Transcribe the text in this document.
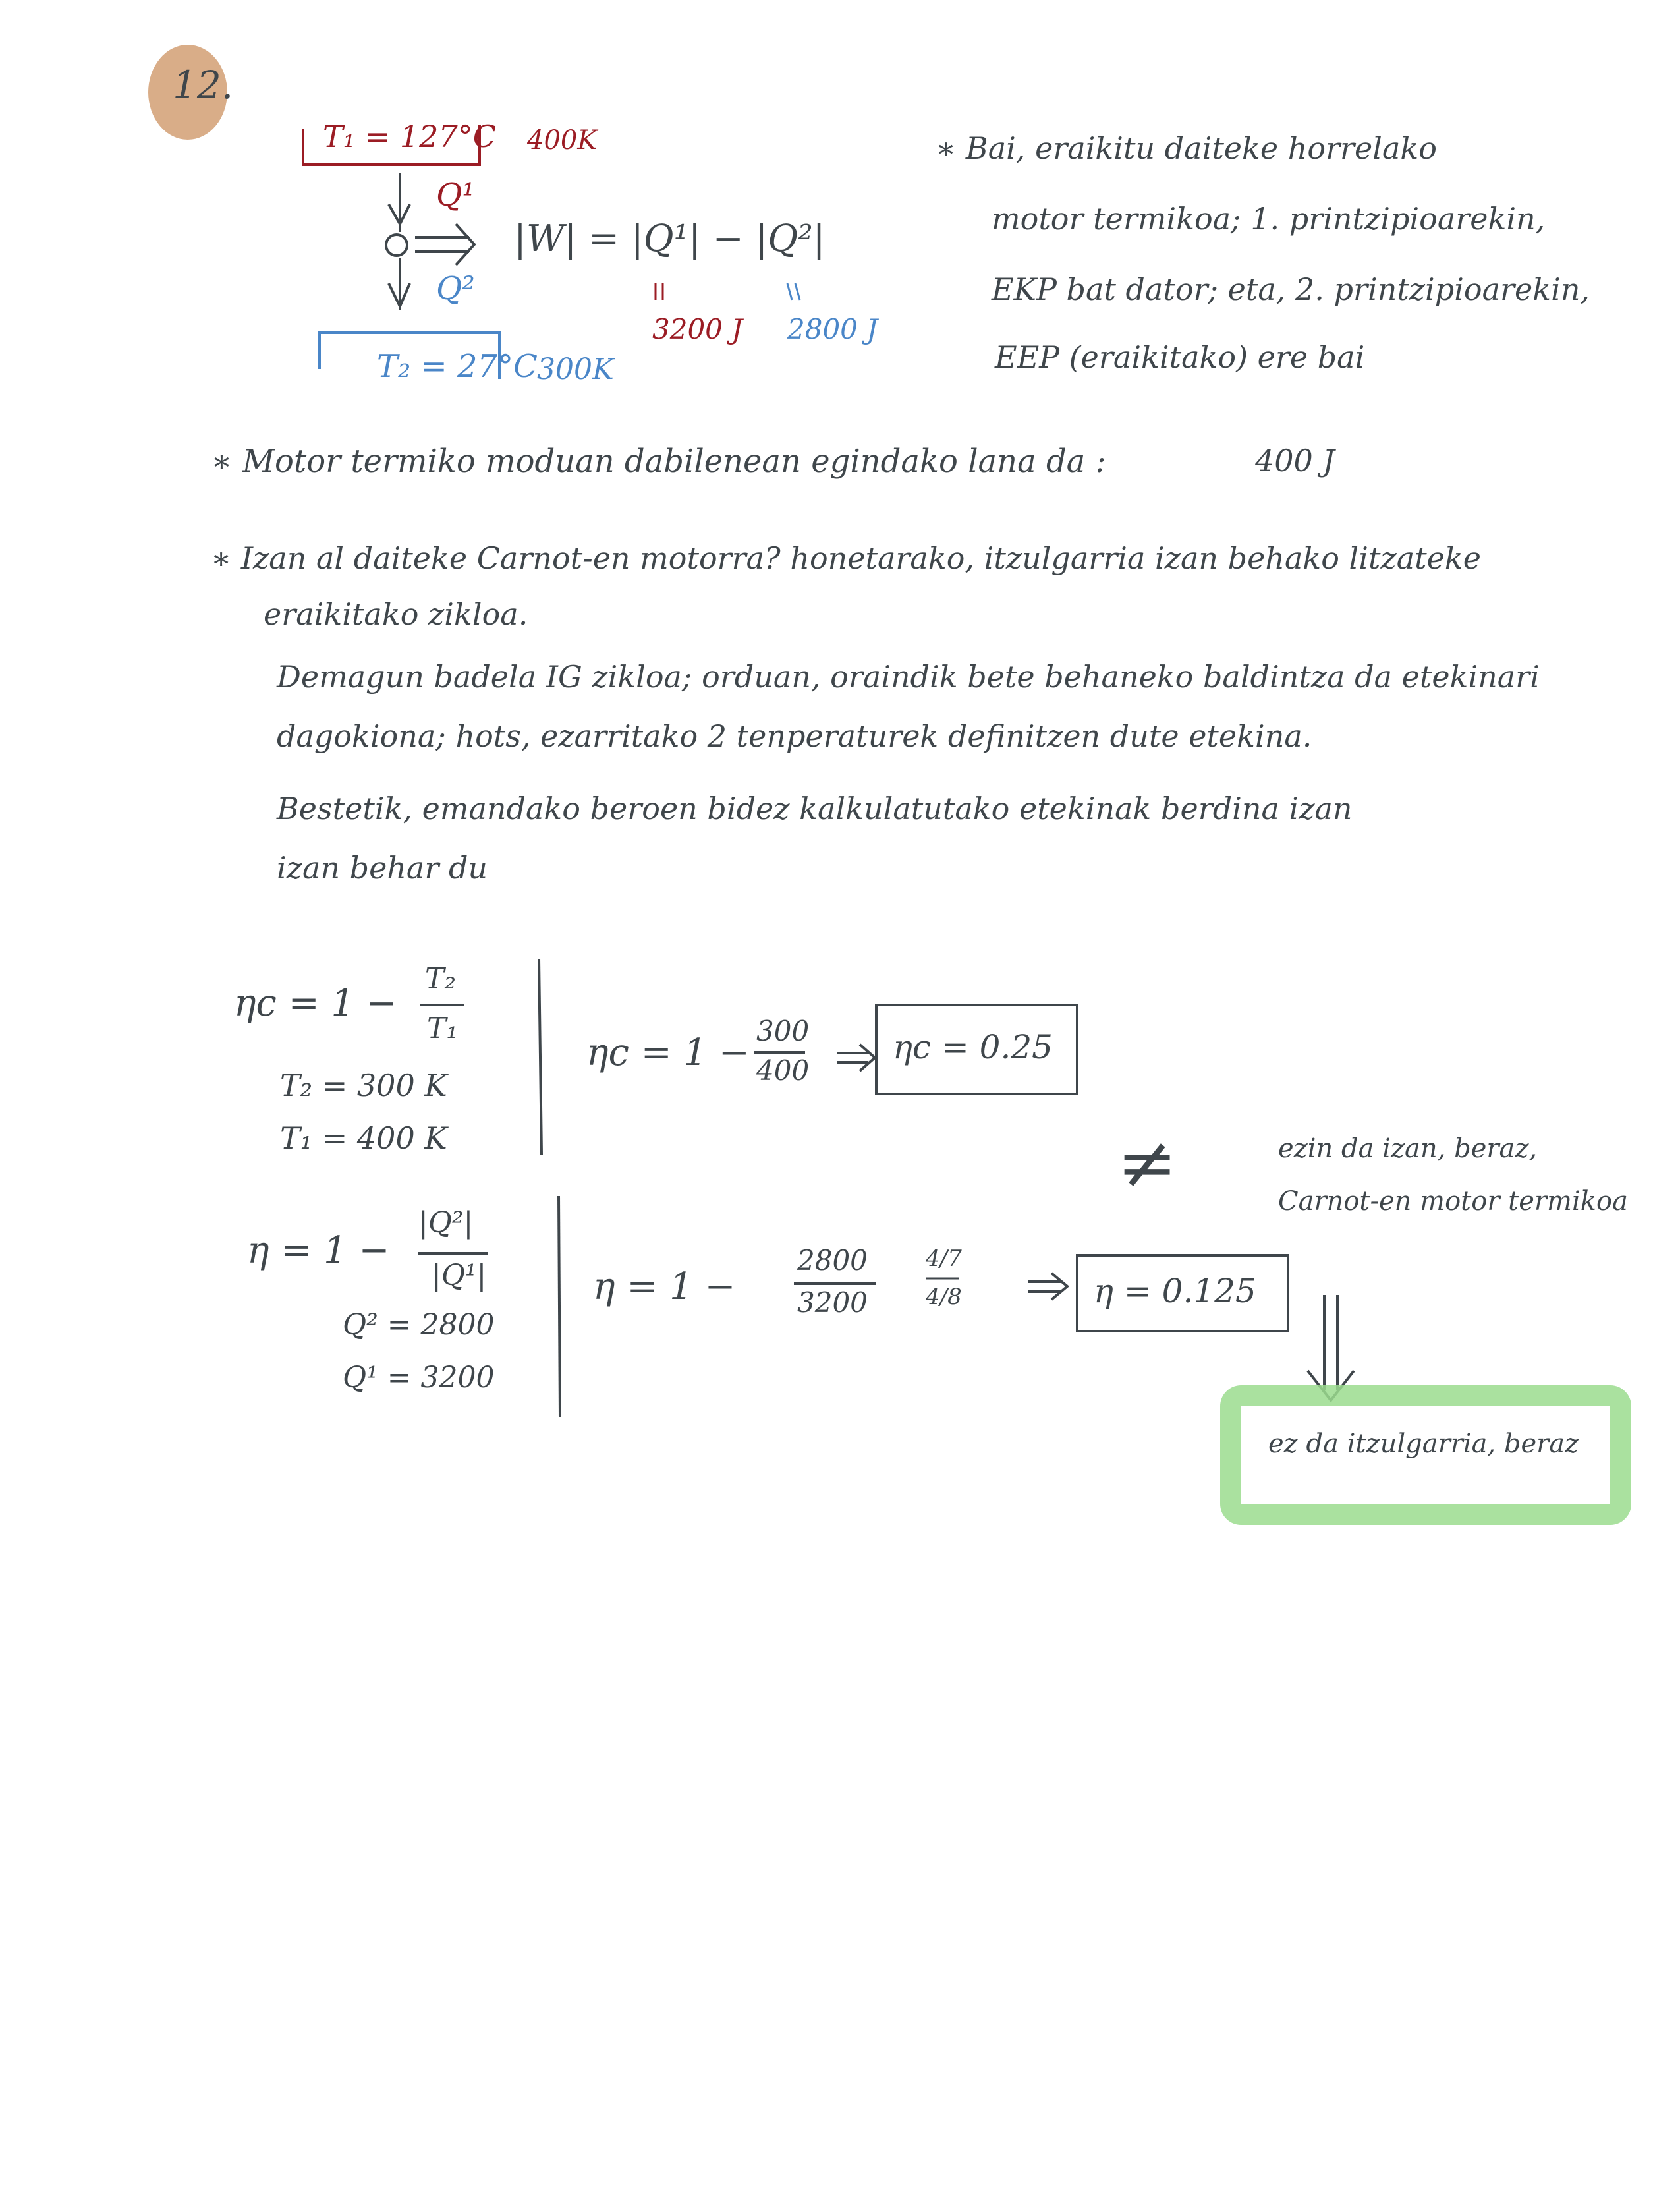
12.
T₁ = 127°C 400K
Q¹
|W| = |Q¹| − |Q²|
Q²
3200 J 2800 J
T₂ = 27°C 300K
∗ Bai, eraikitu daiteke horrelako
motor termikoa; 1. printzipioarekin,
EKP bat dator; eta, 2. printzipioarekin,
EEP (eraikitako) ere bai
∗ Motor termiko moduan dabilenean egindako lana da :	400 J
∗ Izan al daiteke Carnot-en motorra? honetarako, itzulgarria izan behako litzateke
eraikitako zikloa.
Demagun badela IG zikloa; orduan, oraindik bete behaneko baldintza da etekinari
dagokiona; hots, ezarritako 2 tenperaturek definitzen dute etekina.
Bestetik, emandako beroen bidez kalkulatutako etekinak berdina izan
izan behar du
ηc = 1 −
T₂
T₁
T₂ = 300 K
T₁ = 400 K
ηc = 1 −
300
400
ηc = 0.25
≠	ezin da izan, beraz,
Carnot-en motor termikoa
η = 1 −
|Q²|
|Q¹|
Q² = 2800
Q¹ = 3200
η = 1 −
2800
3200
4/7
4/8	η = 0.125
ez da itzulgarria, beraz
